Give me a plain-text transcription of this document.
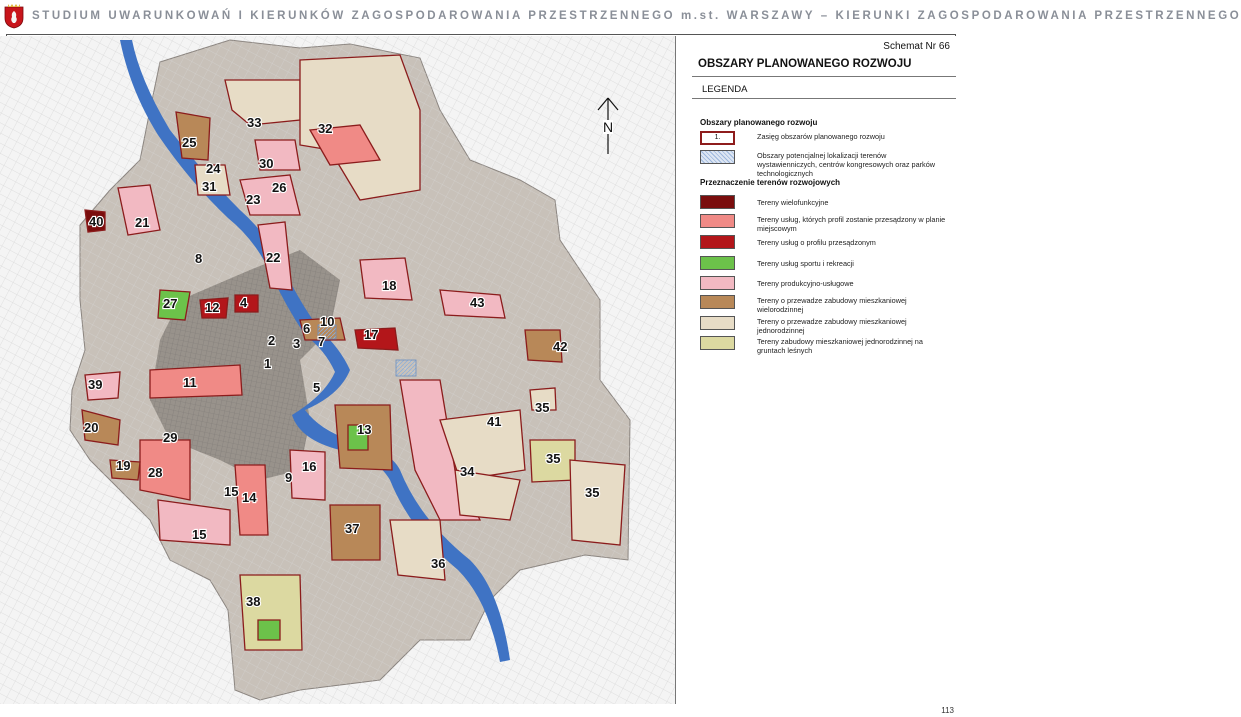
STUDIUM UWARUNKOWAŃ I KIERUNKÓW ZAGOSPODAROWANIA PRZESTRZENNEGO m.st. WARSZAWY – KIERUNKI ZAGOSPODAROWANIA PRZESTRZENNEGO
1
2 3
4
5
6
7
8
9
10
11
12
13
14
15
15
16
17
18
19
20
21
22
23
24
25
26
27
28
29
30
31
32
33
34
35
35
35
36
37
38
39
40
41
42
43
N
Schemat Nr 66
OBSZARY PLANOWANEGO ROZWOJU
LEGENDA
Obszary planowanego rozwoju
1.	Zasięg obszarów planowanego rozwoju
Obszary potencjalnej lokalizacji terenów wystawienniczych, centrów kongresowych oraz parków technologicznych
Przeznaczenie terenów rozwojowych
Tereny wielofunkcyjne
Tereny usług, których profil zostanie przesądzony w planie miejscowym
Tereny usług o profilu przesądzonym
Tereny usług sportu i rekreacji
Tereny produkcyjno-usługowe
Tereny o przewadze zabudowy mieszkaniowej wielorodzinnej
Tereny o przewadze zabudowy mieszkaniowej jednorodzinnej
Tereny zabudowy mieszkaniowej jednorodzinnej na gruntach leśnych
113
